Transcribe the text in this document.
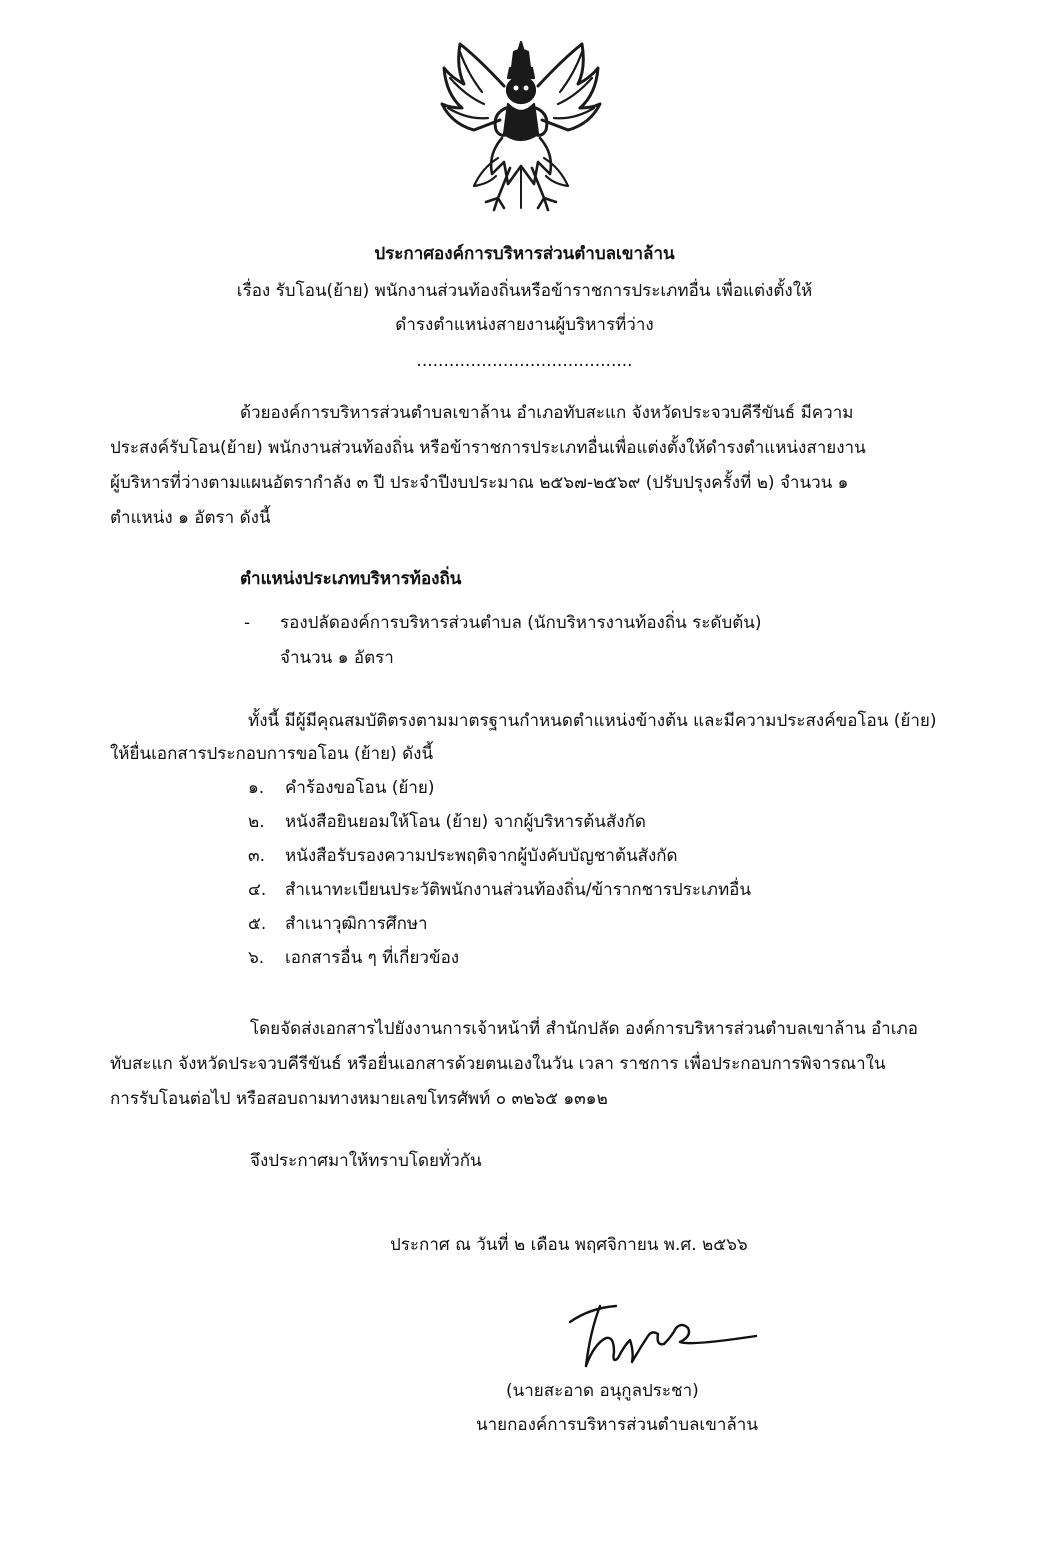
ประกาศองค์การบริหารส่วนตำบลเขาล้าน
เรื่อง รับโอน(ย้าย) พนักงานส่วนท้องถิ่นหรือข้าราชการประเภทอื่น เพื่อแต่งตั้งให้
ดำรงตำแหน่งสายงานผู้บริหารที่ว่าง
........................................
ด้วยองค์การบริหารส่วนตำบลเขาล้าน อำเภอทับสะแก จังหวัดประจวบคีรีขันธ์ มีความ
ประสงค์รับโอน(ย้าย) พนักงานส่วนท้องถิ่น หรือข้าราชการประเภทอื่นเพื่อแต่งตั้งให้ดำรงตำแหน่งสายงาน
ผู้บริหารที่ว่างตามแผนอัตรากำลัง ๓ ปี ประจำปีงบประมาณ ๒๕๖๗-๒๕๖๙ (ปรับปรุงครั้งที่ ๒) จำนวน ๑
ตำแหน่ง ๑ อัตรา ดังนี้
ตำแหน่งประเภทบริหารท้องถิ่น
- รองปลัดองค์การบริหารส่วนตำบล (นักบริหารงานท้องถิ่น ระดับต้น)
จำนวน ๑ อัตรา
ทั้งนี้ มีผู้มีคุณสมบัติตรงตามมาตรฐานกำหนดตำแหน่งข้างต้น และมีความประสงค์ขอโอน (ย้าย)
ให้ยื่นเอกสารประกอบการขอโอน (ย้าย) ดังนี้
๑. คำร้องขอโอน (ย้าย)
๒. หนังสือยินยอมให้โอน (ย้าย) จากผู้บริหารต้นสังกัด
๓. หนังสือรับรองความประพฤติจากผู้บังคับบัญชาต้นสังกัด
๔. สำเนาทะเบียนประวัติพนักงานส่วนท้องถิ่น/ข้ารากชารประเภทอื่น
๕. สำเนาวุฒิการศึกษา
๖. เอกสารอื่น ๆ ที่เกี่ยวข้อง
โดยจัดส่งเอกสารไปยังงานการเจ้าหน้าที่ สำนักปลัด องค์การบริหารส่วนตำบลเขาล้าน อำเภอ
ทับสะแก จังหวัดประจวบคีรีขันธ์ หรือยื่นเอกสารด้วยตนเองในวัน เวลา ราชการ เพื่อประกอบการพิจารณาใน
การรับโอนต่อไป หรือสอบถามทางหมายเลขโทรศัพท์ ๐ ๓๒๖๕ ๑๓๑๒
จึงประกาศมาให้ทราบโดยทั่วกัน
ประกาศ ณ วันที่ ๒ เดือน พฤศจิกายน พ.ศ. ๒๕๖๖
(นายสะอาด อนุกูลประชา)
นายกองค์การบริหารส่วนตำบลเขาล้าน
